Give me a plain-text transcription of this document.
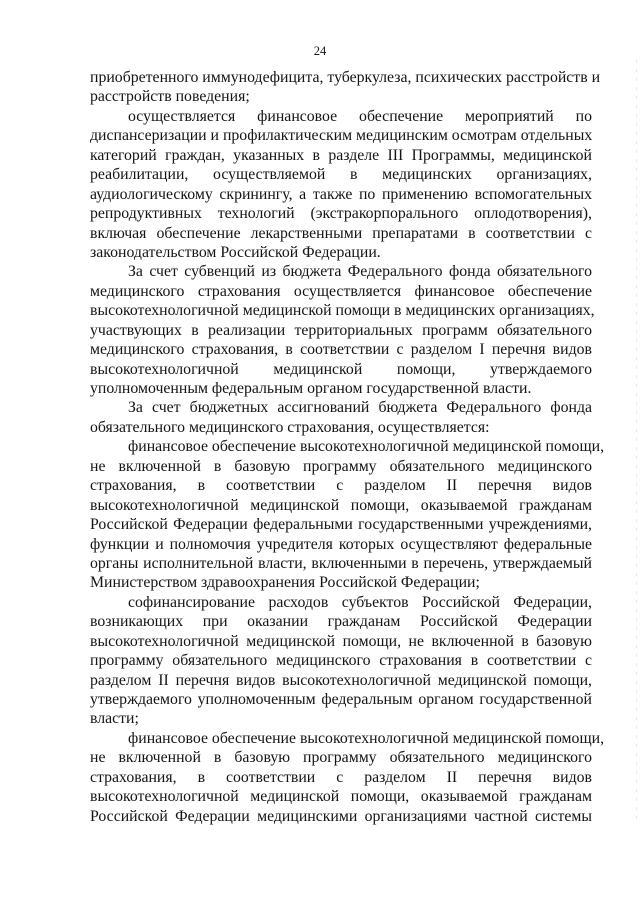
24
приобретенного иммунодефицита, туберкулеза, психических расстройств и
расстройств поведения;
осуществляется финансовое обеспечение мероприятий по
диспансеризации и профилактическим медицинским осмотрам отдельных
категорий граждан, указанных в разделе III Программы, медицинской
реабилитации, осуществляемой в медицинских организациях,
аудиологическому скринингу, а также по применению вспомогательных
репродуктивных технологий (экстракорпорального оплодотворения),
включая обеспечение лекарственными препаратами в соответствии с
законодательством Российской Федерации.
За счет субвенций из бюджета Федерального фонда обязательного
медицинского страхования осуществляется финансовое обеспечение
высокотехнологичной медицинской помощи в медицинских организациях,
участвующих в реализации территориальных программ обязательного
медицинского страхования, в соответствии с разделом I перечня видов
высокотехнологичной медицинской помощи, утверждаемого
уполномоченным федеральным органом государственной власти.
За счет бюджетных ассигнований бюджета Федерального фонда
обязательного медицинского страхования, осуществляется:
финансовое обеспечение высокотехнологичной медицинской помощи,
не включенной в базовую программу обязательного медицинского
страхования, в соответствии с разделом II перечня видов
высокотехнологичной медицинской помощи, оказываемой гражданам
Российской Федерации федеральными государственными учреждениями,
функции и полномочия учредителя которых осуществляют федеральные
органы исполнительной власти, включенными в перечень, утверждаемый
Министерством здравоохранения Российской Федерации;
софинансирование расходов субъектов Российской Федерации,
возникающих при оказании гражданам Российской Федерации
высокотехнологичной медицинской помощи, не включенной в базовую
программу обязательного медицинского страхования в соответствии с
разделом II перечня видов высокотехнологичной медицинской помощи,
утверждаемого уполномоченным федеральным органом государственной
власти;
финансовое обеспечение высокотехнологичной медицинской помощи,
не включенной в базовую программу обязательного медицинского
страхования, в соответствии с разделом II перечня видов
высокотехнологичной медицинской помощи, оказываемой гражданам
Российской Федерации медицинскими организациями частной системы
